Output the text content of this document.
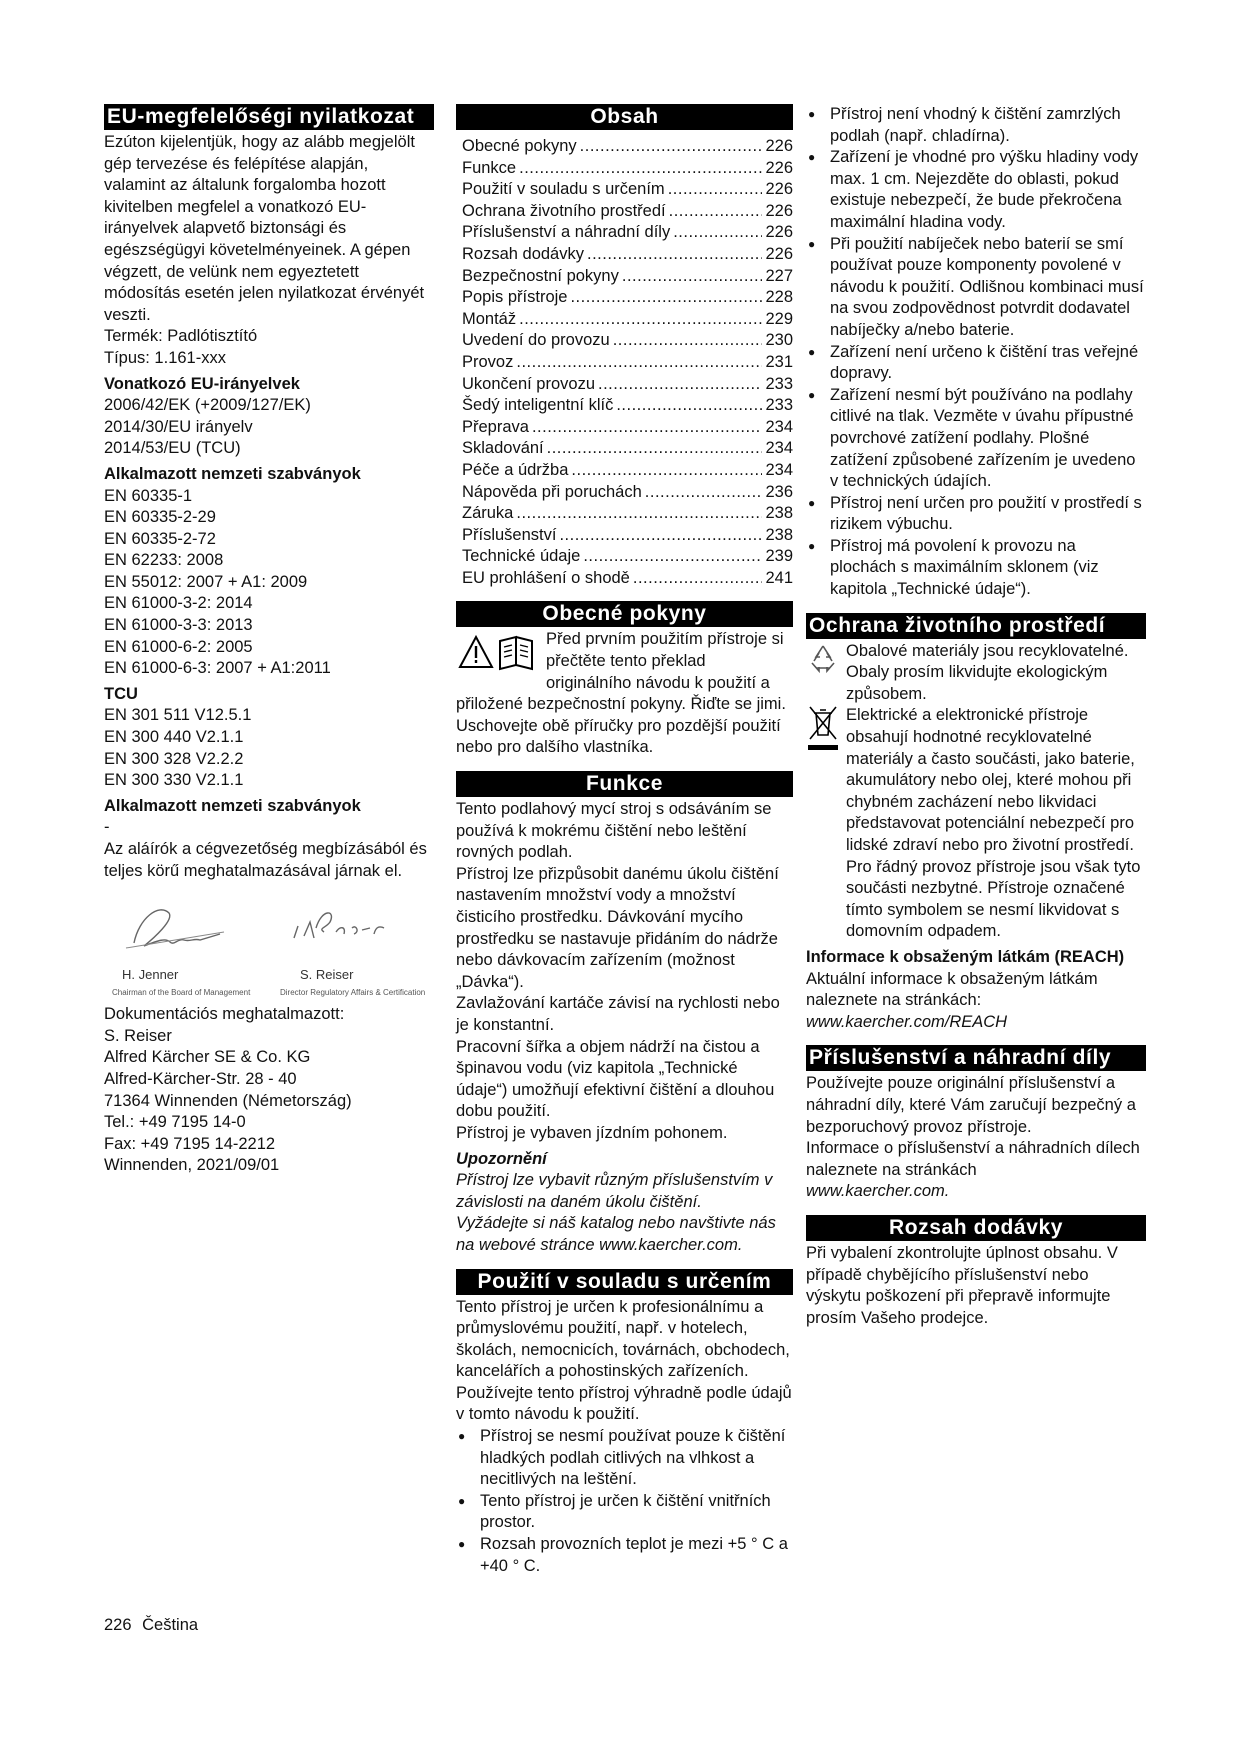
EU-megfelelőségi nyilatkozat

Ezúton kijelentjük, hogy az alább megjelölt gép tervezése és felépítése alapján, valamint az általunk forgalomba hozott kivitelben megfelel a vonatkozó EU-irányelvek alapvető biztonsági és egészségügyi követelményeinek. A gépen végzett, de velünk nem egyeztetett módosítás esetén jelen nyilatkozat érvényét veszti.

Termék: Padlótisztító

Típus: 1.161-xxx

Vonatkozó EU-irányelvek

2006/42/EK (+2009/127/EK)

2014/30/EU irányelv

2014/53/EU (TCU)

Alkalmazott nemzeti szabványok

EN 60335-1

EN 60335-2-29

EN 60335-2-72

EN 62233: 2008

EN 55012: 2007 + A1: 2009

EN 61000-3-2: 2014

EN 61000-3-3: 2013

EN 61000-6-2: 2005

EN 61000-6-3: 2007 + A1:2011

TCU

EN 301 511 V12.5.1

EN 300 440 V2.1.1

EN 300 328 V2.2.2

EN 300 330 V2.1.1

Alkalmazott nemzeti szabványok

-

Az aláírók a cégvezetőség megbízásából és teljes körű meghatalmazásával járnak el.

H. Jenner
Chairman of the Board of Management
S. Reiser
Director Regulatory Affairs & Certification

Dokumentációs meghatalmazott:

S. Reiser

Alfred Kärcher SE & Co. KG

Alfred-Kärcher-Str. 28 - 40

71364 Winnenden (Németország)

Tel.: +49 7195 14-0

Fax: +49 7195 14-2212

Winnenden, 2021/09/01

Obsah
Obecné pokyny .....	226
Funkce .....	226
Použití v souladu s určením .....	226
Ochrana životního prostředí .....	226
Příslušenství a náhradní díly .....	226
Rozsah dodávky .....	226
Bezpečnostní pokyny .....	227
Popis přístroje .....	228
Montáž .....	229
Uvedení do provozu .....	230
Provoz .....	231
Ukončení provozu .....	233
Šedý inteligentní klíč .....	233
Přeprava .....	234
Skladování .....	234
Péče a údržba .....	234
Nápověda při poruchách .....	236
Záruka .....	238
Příslušenství .....	238
Technické údaje .....	239
EU prohlášení o shodě .....	241
Obecné pokyny

Před prvním použitím přístroje si přečtěte tento překlad originálního návodu k použití a přiložené bezpečnostní pokyny. Řiďte se jimi. Uschovejte obě příručky pro pozdější použití nebo pro dalšího vlastníka.

Funkce

Tento podlahový mycí stroj s odsáváním se používá k mokrému čištění nebo leštění rovných podlah.

Přístroj lze přizpůsobit danému úkolu čištění nastavením množství vody a množství čisticího prostředku. Dávkování mycího prostředku se nastavuje přidáním do nádrže nebo dávkovacím zařízením (možnost „Dávka“).

Zavlažování kartáče závisí na rychlosti nebo je konstantní.

Pracovní šířka a objem nádrží na čistou a špinavou vodu (viz kapitola „Technické údaje“) umožňují efektivní čištění a dlouhou dobu použití.

Přístroj je vybaven jízdním pohonem.

Upozornění

Přístroj lze vybavit různým příslušenstvím v závislosti na daném úkolu čištění.

Vyžádejte si náš katalog nebo navštivte nás na webové stránce www.kaercher.com.

Použití v souladu s určením

Tento přístroj je určen k profesionálnímu a průmyslovému použití, např. v hotelech, školách, nemocnicích, továrnách, obchodech, kancelářích a pohostinských zařízeních. Používejte tento přístroj výhradně podle údajů v tomto návodu k použití.

● Přístroj se nesmí používat pouze k čištění hladkých podlah citlivých na vlhkost a necitlivých na leštění.
● Tento přístroj je určen k čištění vnitřních prostor.
● Rozsah provozních teplot je mezi +5 ° C a +40 ° C.
● Přístroj není vhodný k čištění zamrzlých podlah (např. chladírna).
● Zařízení je vhodné pro výšku hladiny vody max. 1 cm. Nejezděte do oblasti, pokud existuje nebezpečí, že bude překročena maximální hladina vody.
● Při použití nabíječek nebo baterií se smí používat pouze komponenty povolené v návodu k použití. Odlišnou kombinaci musí na svou zodpovědnost potvrdit dodavatel nabíječky a/nebo baterie.
● Zařízení není určeno k čištění tras veřejné dopravy.
● Zařízení nesmí být používáno na podlahy citlivé na tlak. Vezměte v úvahu přípustné povrchové zatížení podlahy. Plošné zatížení způsobené zařízením je uvedeno v technických údajích.
● Přístroj není určen pro použití v prostředí s rizikem výbuchu.
● Přístroj má povolení k provozu na plochách s maximálním sklonem (viz kapitola „Technické údaje“).
Ochrana životního prostředí

Obalové materiály jsou recyklovatelné. Obaly prosím likvidujte ekologickým způsobem.

Elektrické a elektronické přístroje obsahují hodnotné recyklovatelné materiály a často součásti, jako baterie, akumulátory nebo olej, které mohou při chybném zacházení nebo likvidaci představovat potenciální nebezpečí pro lidské zdraví nebo pro životní prostředí. Pro řádný provoz přístroje jsou však tyto součásti nezbytné. Přístroje označené tímto symbolem se nesmí likvidovat s domovním odpadem.

Informace k obsaženým látkám (REACH)

Aktuální informace k obsaženým látkám naleznete na stránkách:

www.kaercher.com/REACH

Příslušenství a náhradní díly

Používejte pouze originální příslušenství a náhradní díly, které Vám zaručují bezpečný a bezporuchový provoz přístroje.

Informace o příslušenství a náhradních dílech naleznete na stránkách

www.kaercher.com.

Rozsah dodávky

Při vybalení zkontrolujte úplnost obsahu. V případě chybějícího příslušenství nebo výskytu poškození při přepravě informujte prosím Vašeho prodejce.

226 Čeština
